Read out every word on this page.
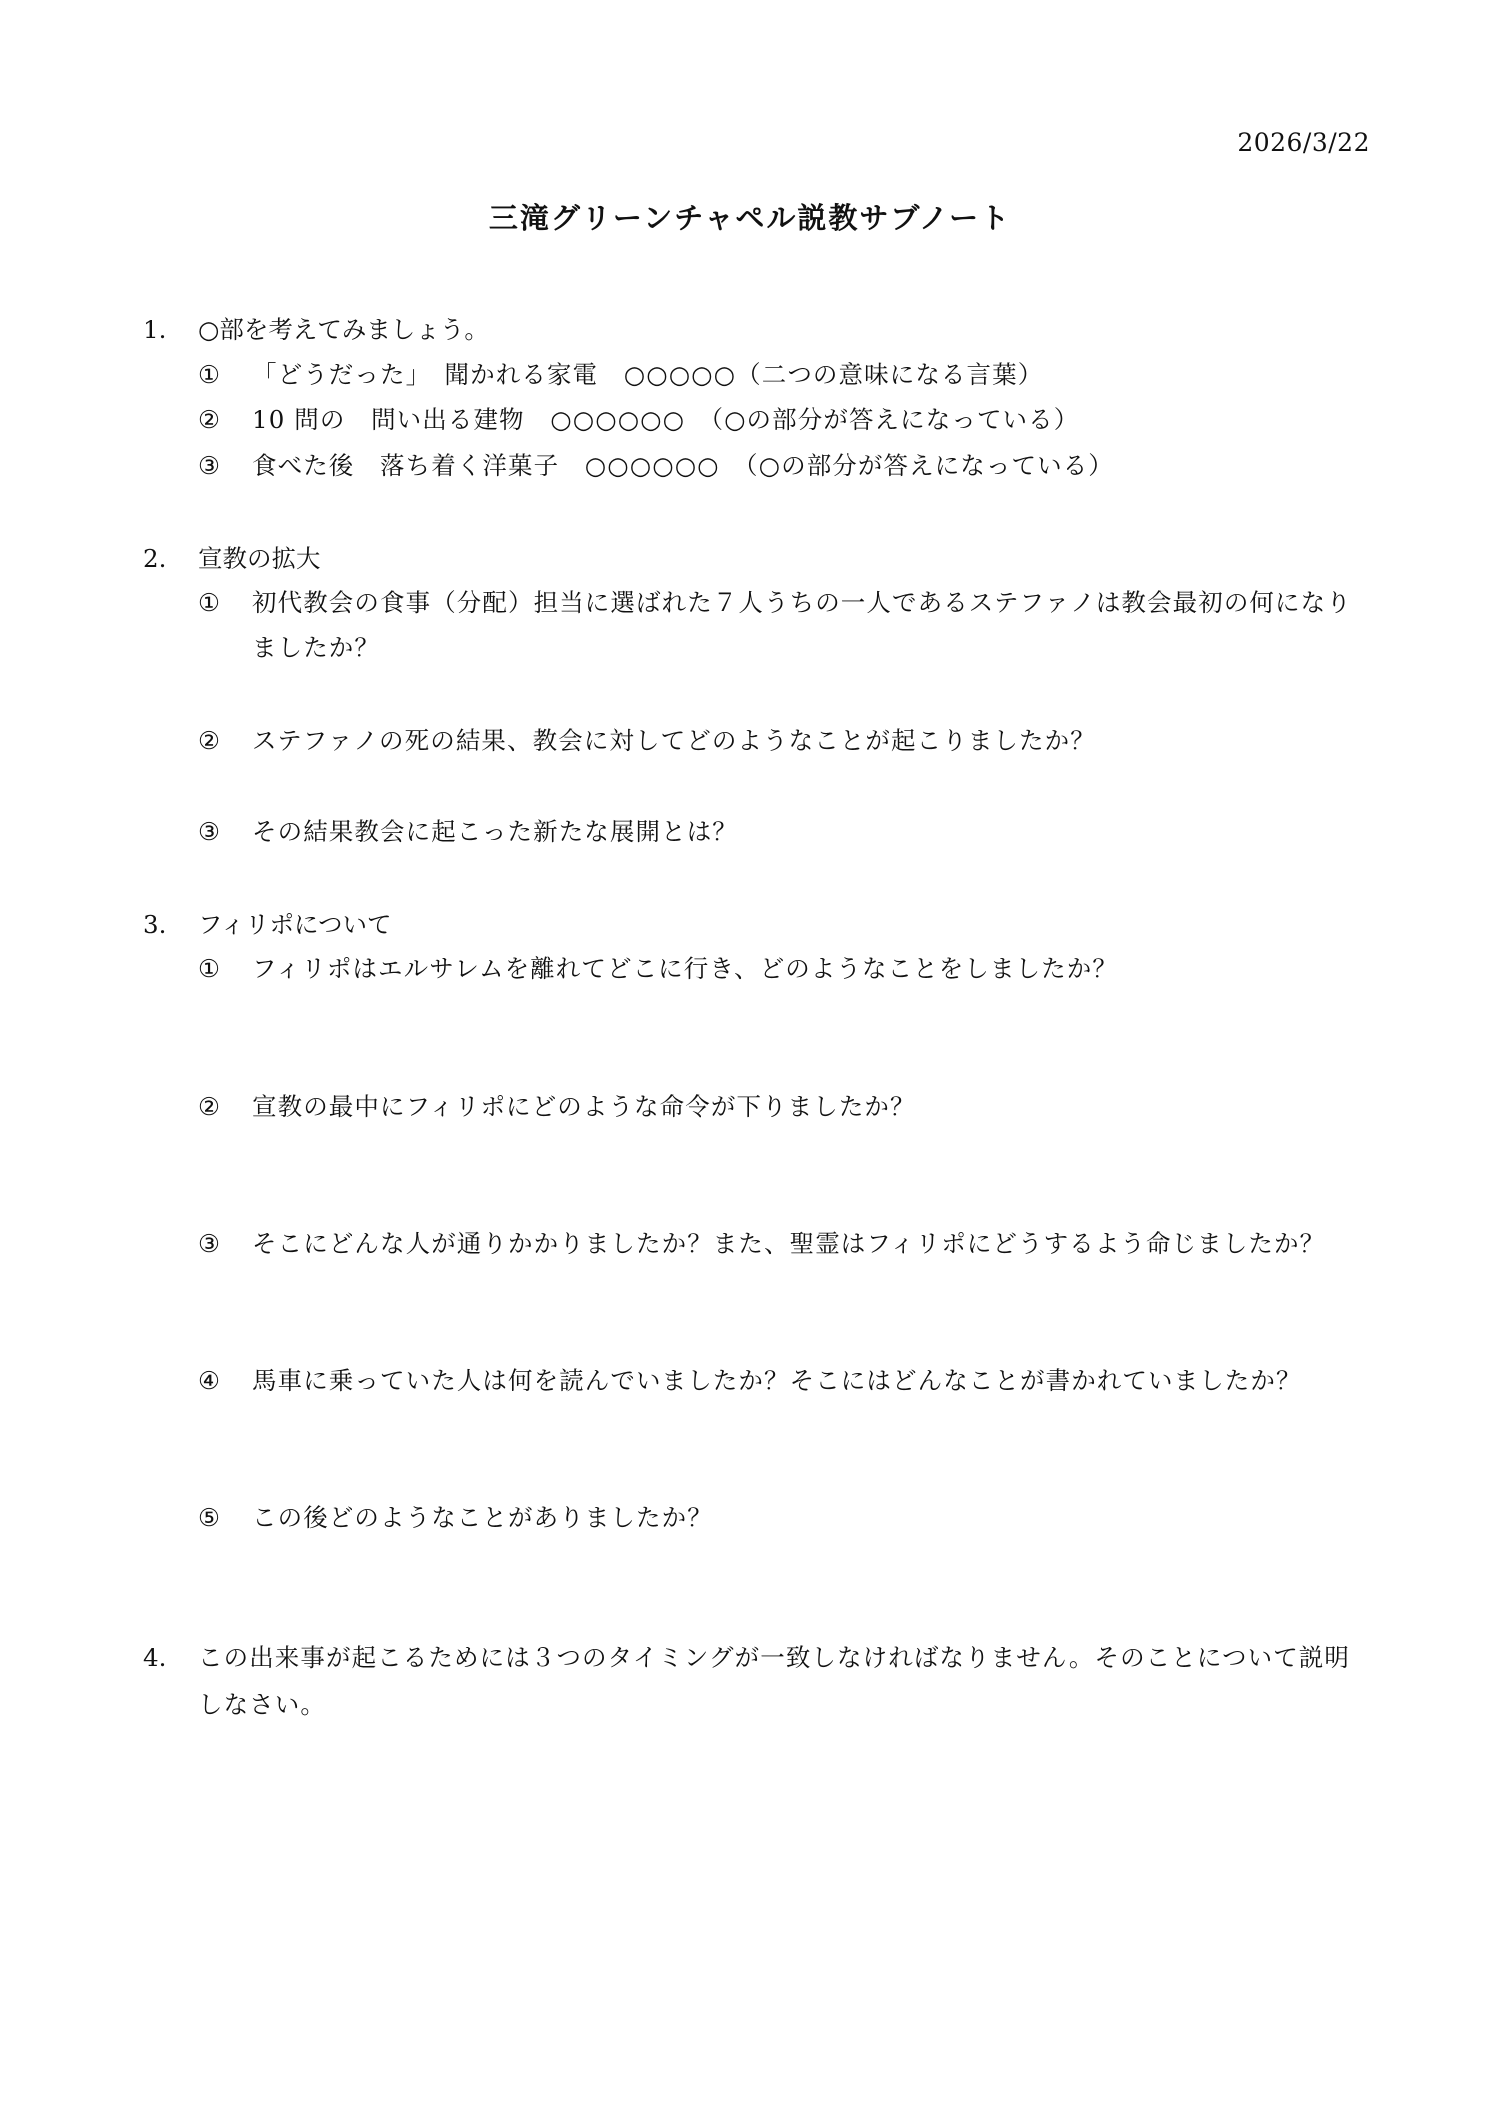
2026/3/22
三滝グリーンチャペル説教サブノート
1. ○部を考えてみましょう。
①	「どうだった」　聞かれる家電　○○○○○（二つの意味になる言葉）
②	10 問の　問い出る建物　○○○○○○　（○の部分が答えになっている）
③	食べた後　落ち着く洋菓子　○○○○○○　（○の部分が答えになっている）
2. 宣教の拡大
①	初代教会の食事（分配）担当に選ばれた７人うちの一人であるステファノは教会最初の何になりましたか？
②	ステファノの死の結果、教会に対してどのようなことが起こりましたか？
③	その結果教会に起こった新たな展開とは？
3. フィリポについて
①	フィリポはエルサレムを離れてどこに行き、どのようなことをしましたか？
②	宣教の最中にフィリポにどのような命令が下りましたか？
③	そこにどんな人が通りかかりましたか？また、聖霊はフィリポにどうするよう命じましたか？
④	馬車に乗っていた人は何を読んでいましたか？そこにはどんなことが書かれていましたか？
⑤	この後どのようなことがありましたか？
4.	この出来事が起こるためには３つのタイミングが一致しなければなりません。そのことについて説明しなさい。
